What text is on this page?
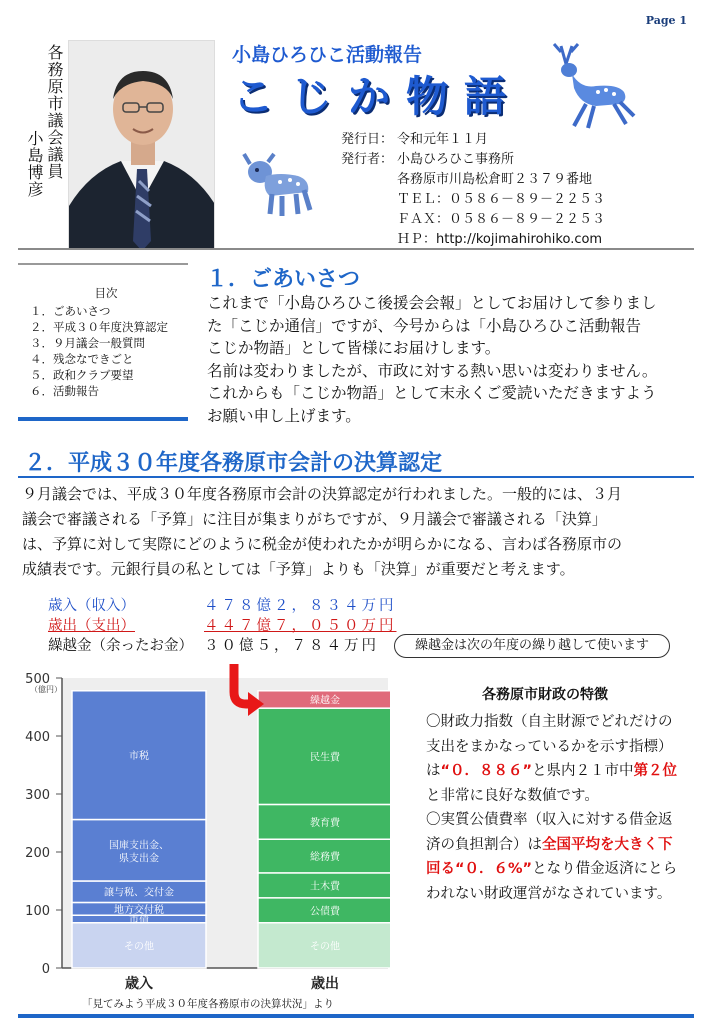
Page 1
各務原市議会議員
小島博彦
小島ひろひこ活動報告
こじか物語
発行日： 令和元年１１月
発行者： 小島ひろひこ事務所
各務原市川島松倉町２３７９番地
ＴＥＬ：０５８６－８９－２２５３
ＦＡＸ：０５８６－８９－２２５３
ＨＰ：http://kojimahirohiko.com
目次
１．ごあいさつ
２．平成３０年度決算認定
３．９月議会一般質問
４．残念なできごと
５．政和クラブ要望
６．活動報告
１．ごあいさつ
これまで「小島ひろひこ後援会会報」としてお届けして参りまし
た「こじか通信」ですが、今号からは「小島ひろひこ活動報告
こじか物語」として皆様にお届けします。
名前は変わりましたが、市政に対する熱い思いは変わりません。
これからも「こじか物語」として末永くご愛読いただきますよう
お願い申し上げます。
２．平成３０年度各務原市会計の決算認定
９月議会では、平成３０年度各務原市会計の決算認定が行われました。一般的には、３月
議会で審議される「予算」に注目が集まりがちですが、９月議会で審議される「決算」
は、予算に対して実際にどのように税金が使われたかが明らかになる、言わば各務原市の
成績表です。元銀行員の私としては「予算」よりも「決算」が重要だと考えます。
歳入（収入）	４７８億２，８３４万円
歳出（支出）	４４７億７，０５０万円
繰越金（余ったお金） ３０億５，７８４万円	繰越金は次の年度の繰り越して使います
0
100
200
300
400
500
（億円）
その他
市債
地方交付税
譲与税、交付金
国庫支出金、県支出金
市税
その他
公債費
土木費
総務費
教育費
民生費
繰越金
歳入	歳出
「見てみよう平成３０年度各務原市の決算状況」より
各務原市財政の特徴
〇財政力指数（自主財源でどれだけの支出をまかなっているかを示す指標）は“０．８８６”と県内２１市中第２位と非常に良好な数値です。
〇実質公債費率（収入に対する借金返済の負担割合）は全国平均を大きく下回る“０．６%”となり借金返済にとらわれない財政運営がなされています。
